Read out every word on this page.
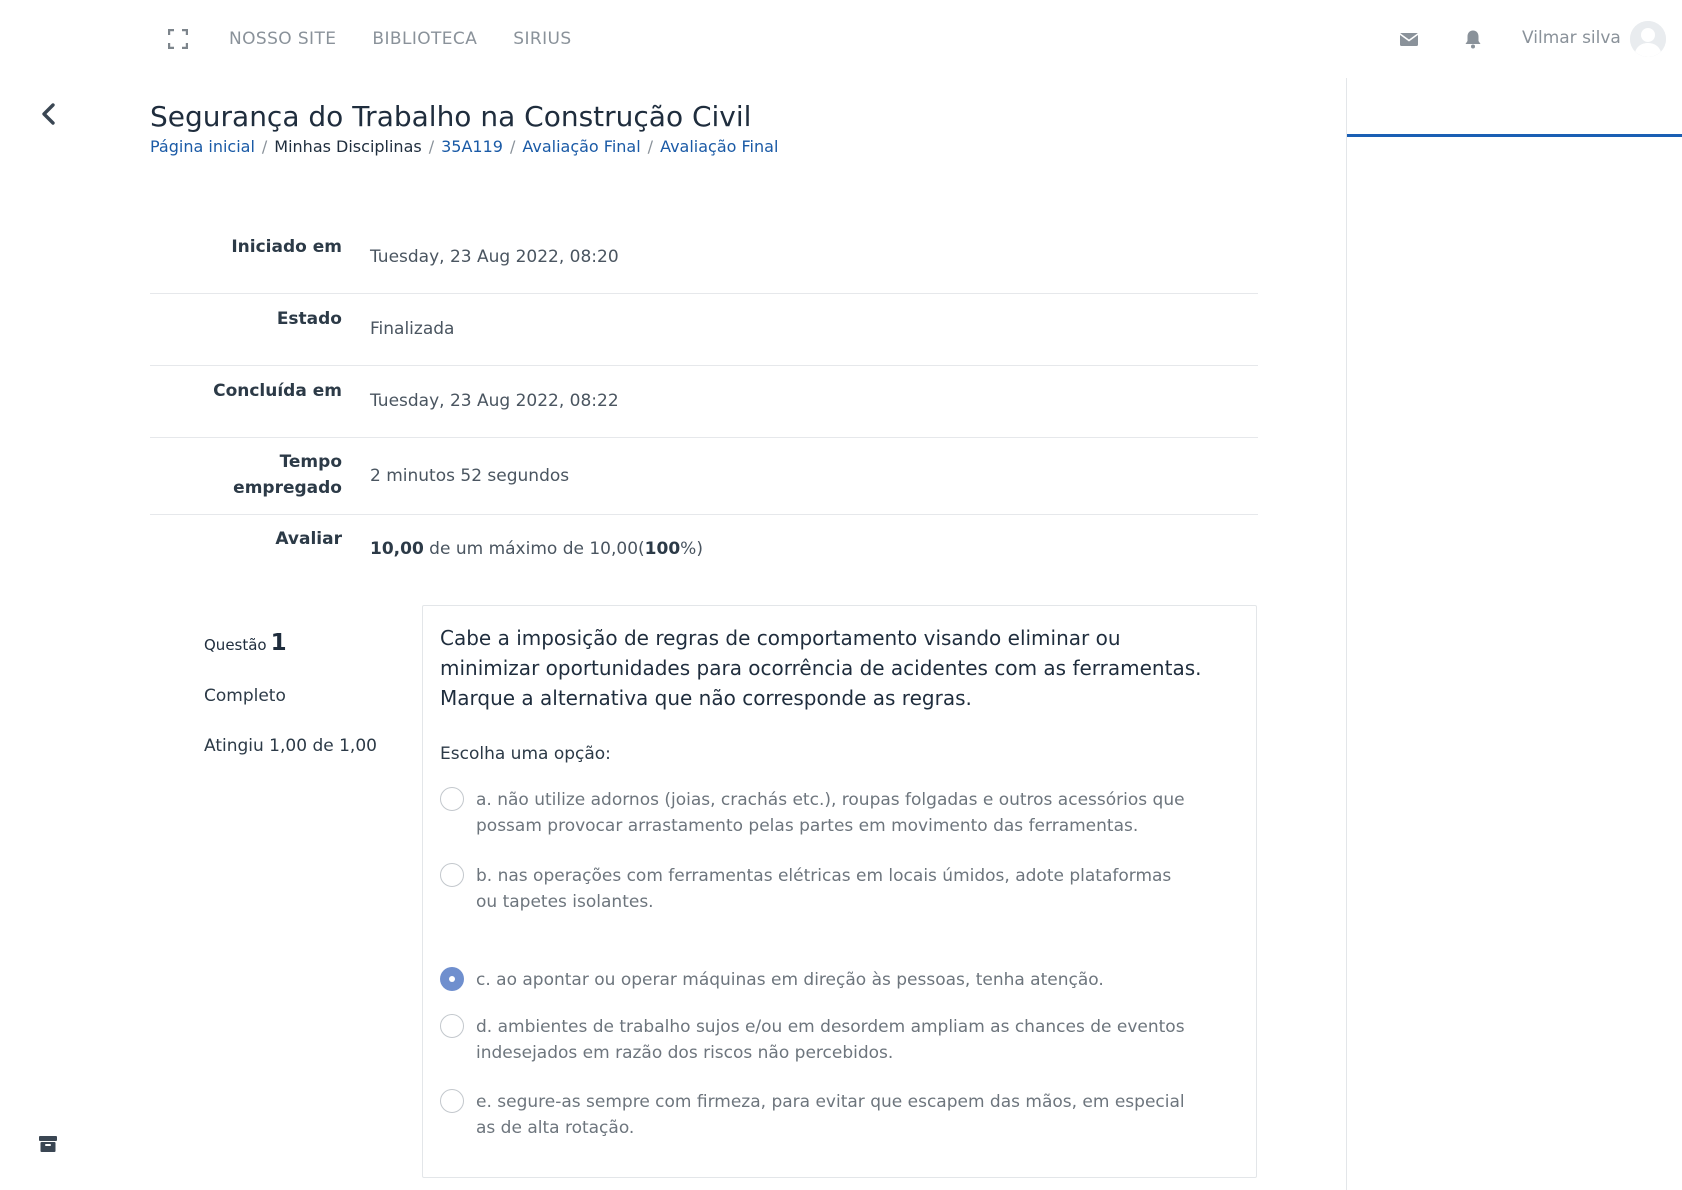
NOSSO SITE BIBLIOTECA SIRIUS	Vilmar silva
Segurança do Trabalho na Construção Civil
Página inicial / Minhas Disciplinas / 35A119 / Avaliação Final / Avaliação Final
Iniciado em Tuesday, 23 Aug 2022, 08:20
Estado Finalizada
Concluída em Tuesday, 23 Aug 2022, 08:22
Tempo
empregado
2 minutos 52 segundos
Avaliar 10,00 de um máximo de 10,00(100%)
Questão 1
Completo
Atingiu 1,00 de 1,00
Cabe a imposição de regras de comportamento visando eliminar ou minimizar oportunidades para ocorrência de acidentes com as ferramentas. Marque a alternativa que não corresponde as regras.
Escolha uma opção:
a. não utilize adornos (joias, crachás etc.), roupas folgadas e outros acessórios que possam provocar arrastamento pelas partes em movimento das ferramentas.
b. nas operações com ferramentas elétricas em locais úmidos, adote plataformas ou tapetes isolantes.
c. ao apontar ou operar máquinas em direção às pessoas, tenha atenção.
d. ambientes de trabalho sujos e/ou em desordem ampliam as chances de eventos indesejados em razão dos riscos não percebidos.
e. segure-as sempre com firmeza, para evitar que escapem das mãos, em especial as de alta rotação.
